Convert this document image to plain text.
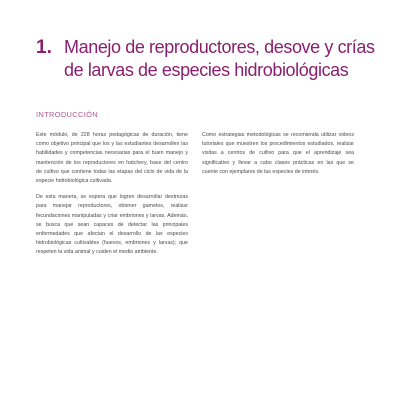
1. Manejo de reproductores, desove y crías
de larvas de especies hidrobiológicas
INTRODUCCIÓN

Este módulo, de 228 horas pedagógicas de duración, tiene como objetivo principal que los y las estudiantes desarrollen las habilidades y competencias necesarias para el buen manejo y mantención de los reproductores en hatchery, base del centro de cultivo que contiene todas las etapas del ciclo de vida de la especie hidrobiológica cultivada.

De esta manera, se espera que logren desarrollar destrezas para manejar reproductores, obtener gametos, realizar fecundaciones manipuladas y criar embriones y larvas. Además, se busca que sean capaces de detectar las principales enfermedades que afectan el desarrollo de las especies hidrobiológicas cultivables (huevos, embriones y larvas); que respeten la vida animal y cuiden el medio ambiente.

Como estrategias metodológicas se recomienda utilizar videos tutoriales que muestren los procedimientos estudiados, realizar visitas a centros de cultivo para que el aprendizaje sea significativo y llevar a cabo clases prácticas en las que se cuente con ejemplares de las especies de interés.
